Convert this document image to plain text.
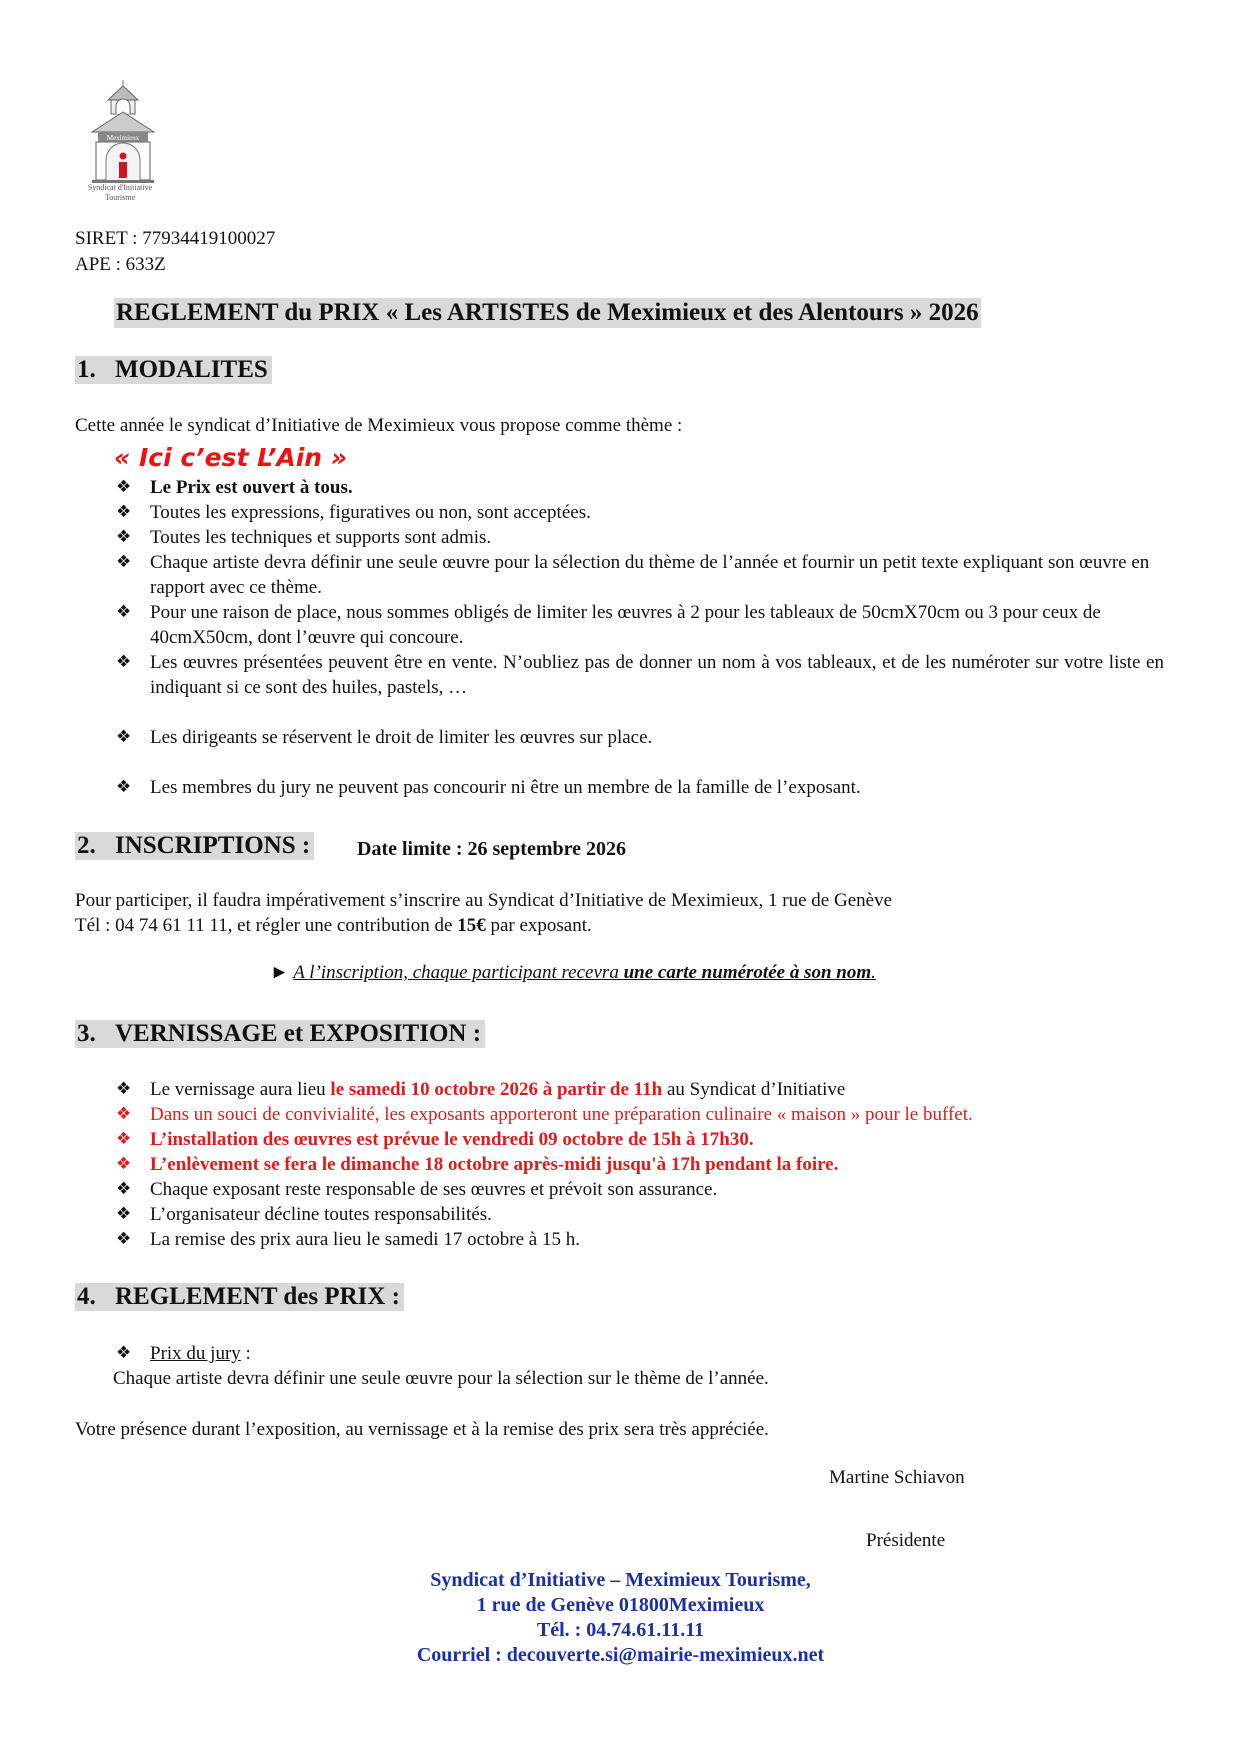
Meximieux
Syndicat d'Initiative
Tourisme
SIRET : 77934419100027
APE : 633Z
REGLEMENT du PRIX « Les ARTISTES de Meximieux et des Alentours » 2026
1. MODALITES
Cette année le syndicat d’Initiative de Meximieux vous propose comme thème :
« Ici c’est L’Ain »
❖ Le Prix est ouvert à tous.
❖ Toutes les expressions, figuratives ou non, sont acceptées.
❖ Toutes les techniques et supports sont admis.
❖ Chaque artiste devra définir une seule œuvre pour la sélection du thème de l’année et fournir un petit texte expliquant son œuvre en rapport avec ce thème.
❖ Pour une raison de place, nous sommes obligés de limiter les œuvres à 2 pour les tableaux de 50cmX70cm ou 3 pour ceux de 40cmX50cm, dont l’œuvre qui concoure.
❖ Les œuvres présentées peuvent être en vente. N’oubliez pas de donner un nom à vos tableaux, et de les numéroter sur votre liste en indiquant si ce sont des huiles, pastels, …
❖ Les dirigeants se réservent le droit de limiter les œuvres sur place.
❖ Les membres du jury ne peuvent pas concourir ni être un membre de la famille de l’exposant.
2. INSCRIPTIONS : Date limite : 26 septembre 2026
Pour participer, il faudra impérativement s’inscrire au Syndicat d’Initiative de Meximieux, 1 rue de Genève
Tél : 04 74 61 11 11, et régler une contribution de 15€ par exposant.
► A l’inscription, chaque participant recevra une carte numérotée à son nom.
3. VERNISSAGE et EXPOSITION :
❖ Le vernissage aura lieu le samedi 10 octobre 2026 à partir de 11h au Syndicat d’Initiative
❖ Dans un souci de convivialité, les exposants apporteront une préparation culinaire « maison » pour le buffet.
❖ L’installation des œuvres est prévue le vendredi 09 octobre de 15h à 17h30.
❖ L’enlèvement se fera le dimanche 18 octobre après-midi jusqu'à 17h pendant la foire.
❖ Chaque exposant reste responsable de ses œuvres et prévoit son assurance.
❖ L’organisateur décline toutes responsabilités.
❖ La remise des prix aura lieu le samedi 17 octobre à 15 h.
4. REGLEMENT des PRIX :
❖ Prix du jury :
Chaque artiste devra définir une seule œuvre pour la sélection sur le thème de l’année.
Votre présence durant l’exposition, au vernissage et à la remise des prix sera très appréciée.
Martine Schiavon
Présidente
Syndicat d’Initiative – Meximieux Tourisme,
1 rue de Genève 01800Meximieux
Tél. : 04.74.61.11.11
Courriel : decouverte.si@mairie-meximieux.net
